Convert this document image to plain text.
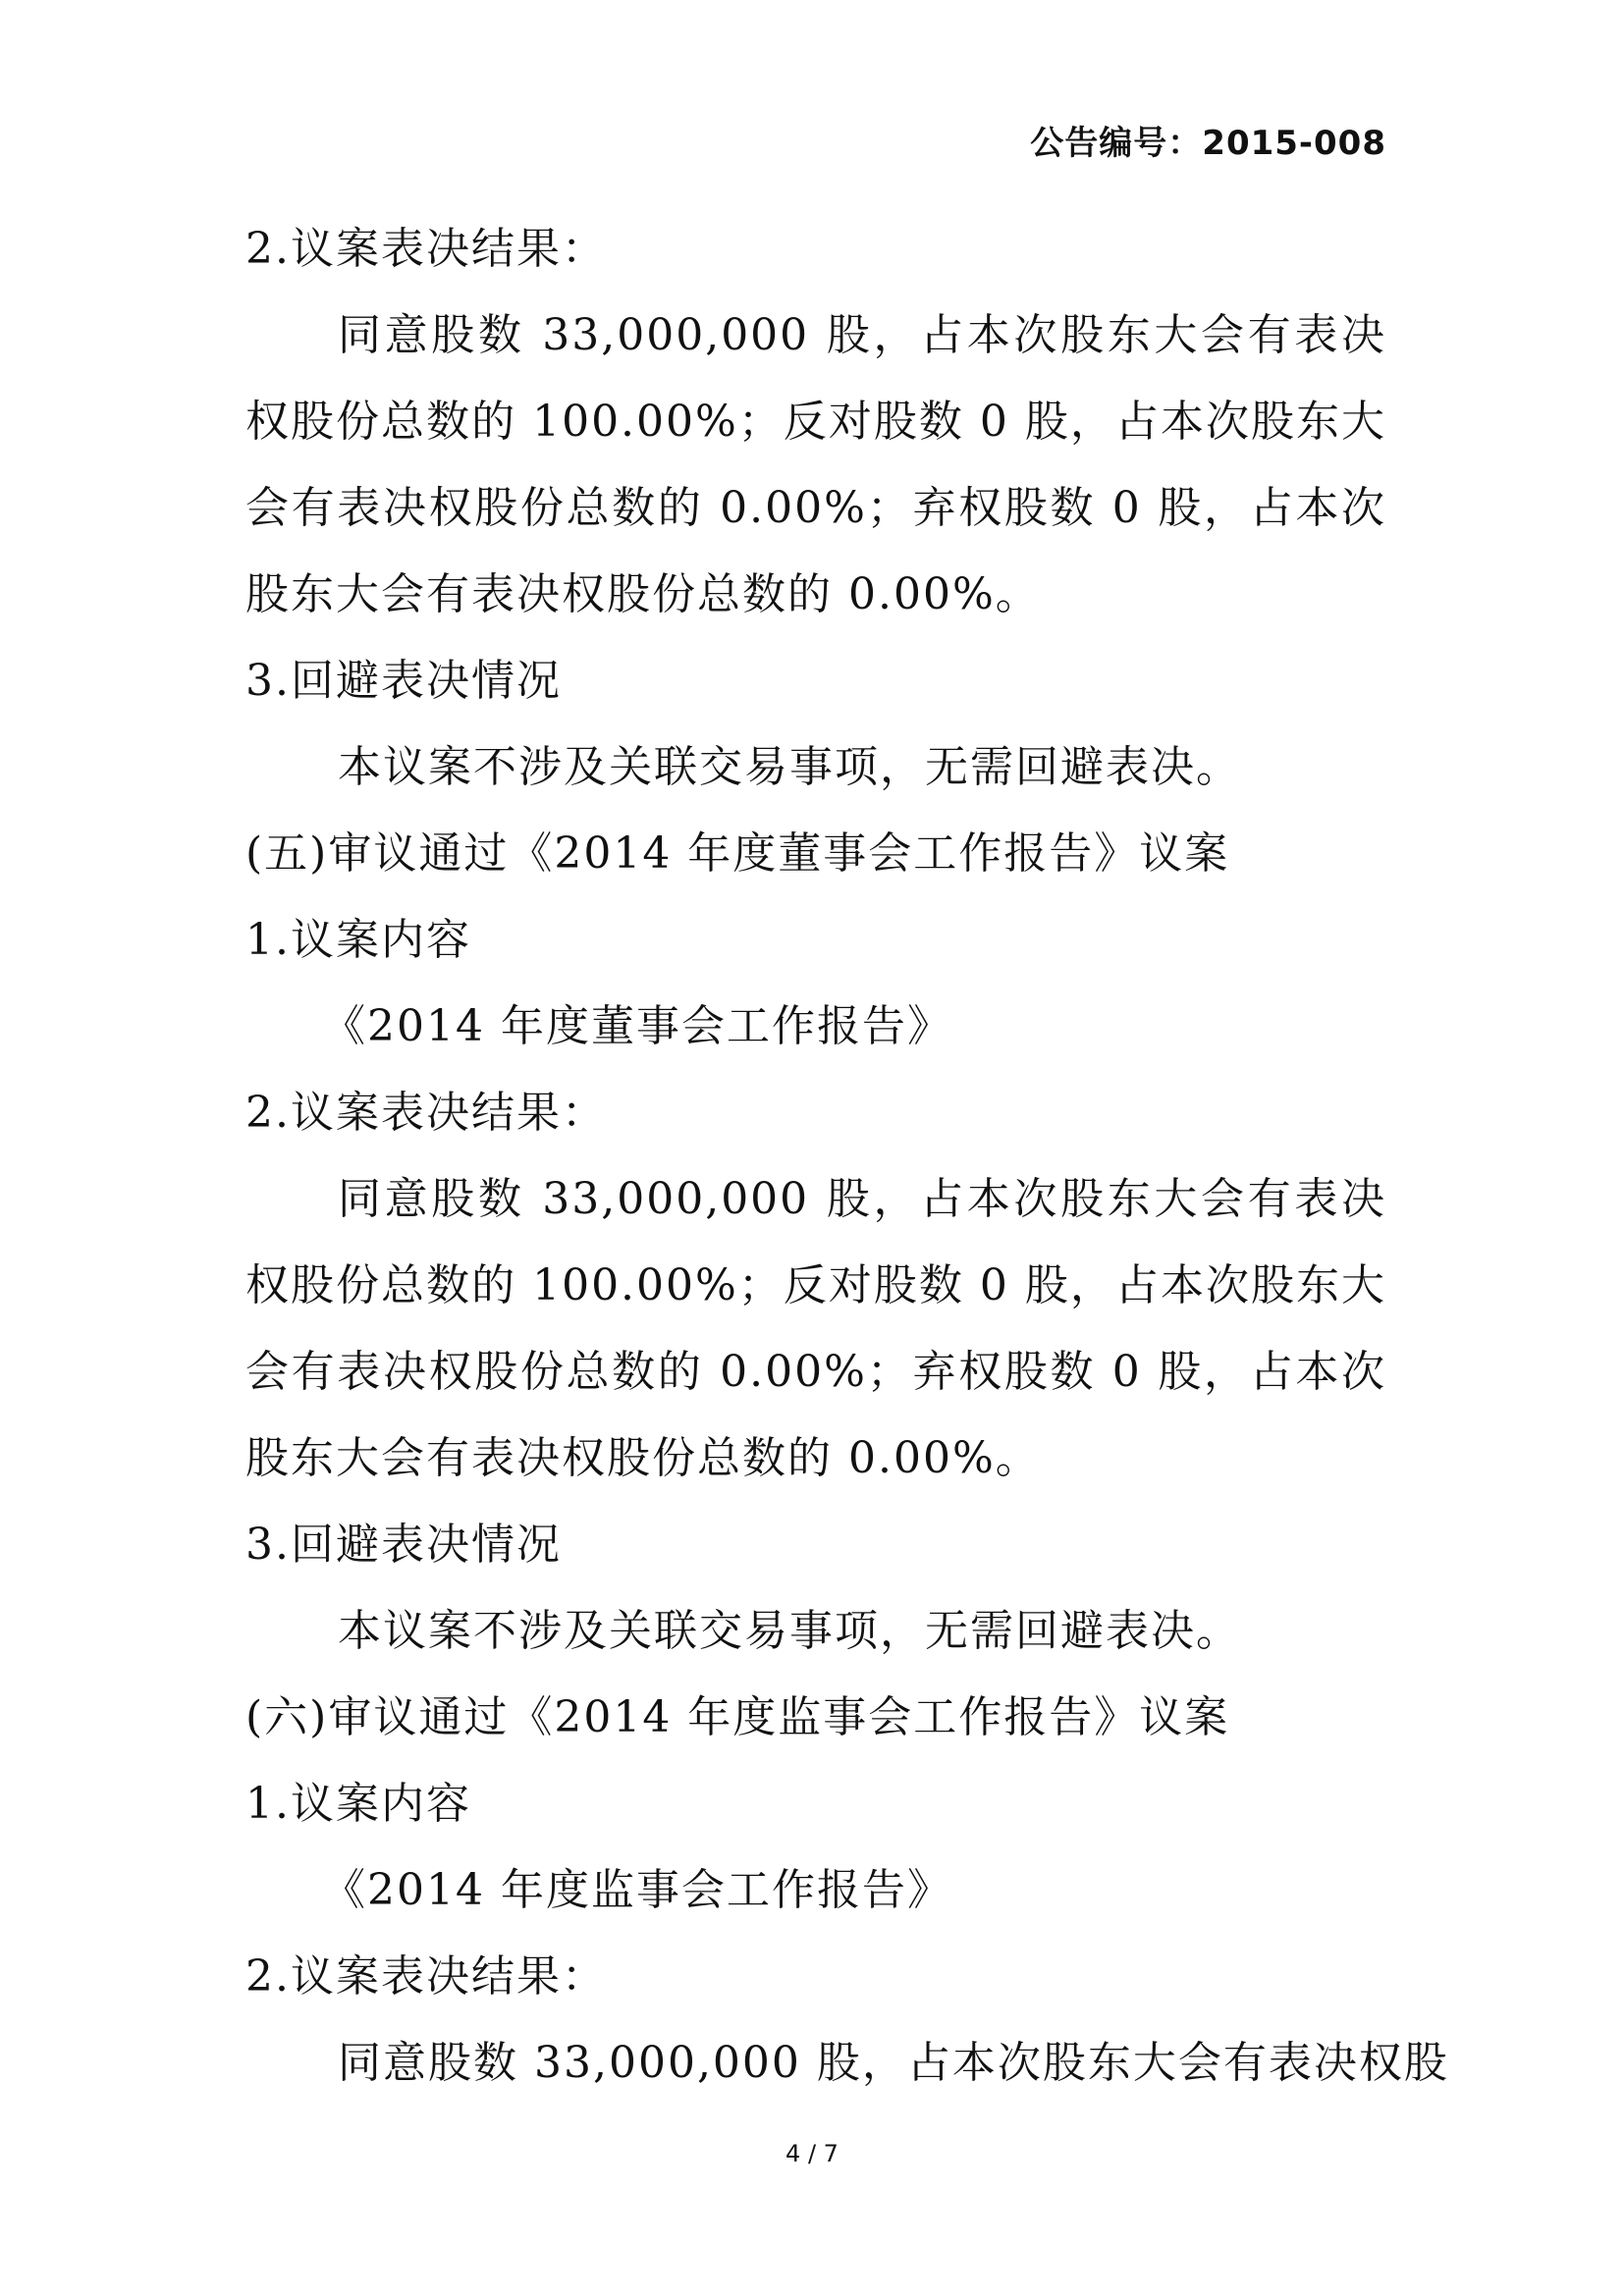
公告编号：2015-008
2.议案表决结果：

同意股数 33,000,000 股，占本次股东大会有表决权股份总数的 100.00%；反对股数 0 股，占本次股东大会有表决权股份总数的 0.00%；弃权股数 0 股，占本次股东大会有表决权股份总数的 0.00%。

3.回避表决情况
本议案不涉及关联交易事项，无需回避表决。
(五)审议通过《2014 年度董事会工作报告》议案
1.议案内容
《2014 年度董事会工作报告》
2.议案表决结果：

同意股数 33,000,000 股，占本次股东大会有表决权股份总数的 100.00%；反对股数 0 股，占本次股东大会有表决权股份总数的 0.00%；弃权股数 0 股，占本次股东大会有表决权股份总数的 0.00%。

3.回避表决情况
本议案不涉及关联交易事项，无需回避表决。
(六)审议通过《2014 年度监事会工作报告》议案
1.议案内容
《2014 年度监事会工作报告》
2.议案表决结果：
同意股数 33,000,000 股，占本次股东大会有表决权股
4 / 7
